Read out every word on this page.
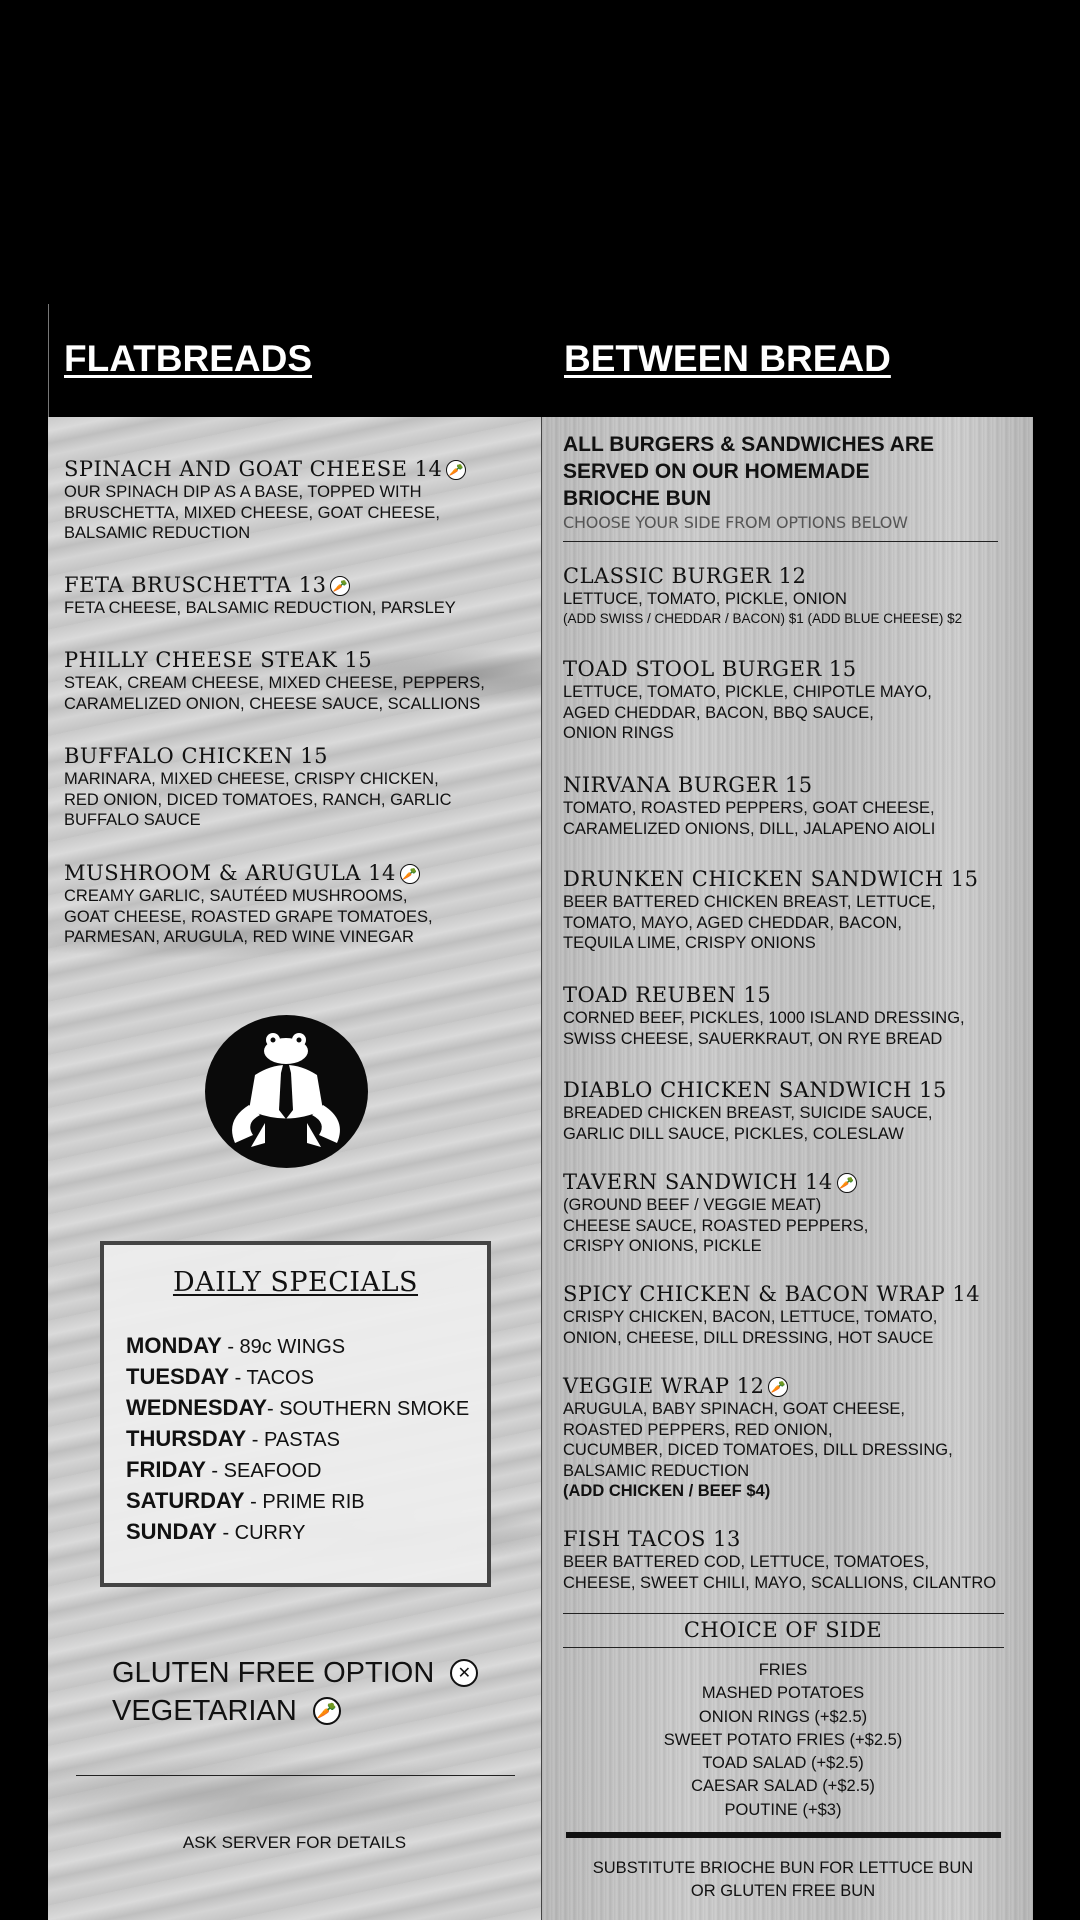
FLATBREADS	BETWEEN BREAD
SPINACH AND GOAT CHEESE 14 🥕
OUR SPINACH DIP AS A BASE, TOPPED WITH
BRUSCHETTA, MIXED CHEESE, GOAT CHEESE,
BALSAMIC REDUCTION
FETA BRUSCHETTA 13 🥕
FETA CHEESE, BALSAMIC REDUCTION, PARSLEY
PHILLY CHEESE STEAK 15
STEAK, CREAM CHEESE, MIXED CHEESE, PEPPERS,
CARAMELIZED ONION, CHEESE SAUCE, SCALLIONS
BUFFALO CHICKEN 15
MARINARA, MIXED CHEESE, CRISPY CHICKEN,
RED ONION, DICED TOMATOES, RANCH, GARLIC
BUFFALO SAUCE
MUSHROOM & ARUGULA 14 🥕
CREAMY GARLIC, SAUTÉED MUSHROOMS,
GOAT CHEESE, ROASTED GRAPE TOMATOES,
PARMESAN, ARUGULA, RED WINE VINEGAR
DAILY SPECIALS
MONDAY - 89c WINGS
TUESDAY - TACOS
WEDNESDAY- SOUTHERN SMOKE
THURSDAY - PASTAS
FRIDAY - SEAFOOD
SATURDAY - PRIME RIB
SUNDAY - CURRY
GLUTEN FREE OPTION ✕
VEGETARIAN 🥕
ASK SERVER FOR DETAILS
ALL BURGERS & SANDWICHES ARE
SERVED ON OUR HOMEMADE
BRIOCHE BUN
CHOOSE YOUR SIDE FROM OPTIONS BELOW
CLASSIC BURGER 12
LETTUCE, TOMATO, PICKLE, ONION
(ADD SWISS / CHEDDAR / BACON) $1 (ADD BLUE CHEESE) $2
TOAD STOOL BURGER 15
LETTUCE, TOMATO, PICKLE, CHIPOTLE MAYO,
AGED CHEDDAR, BACON, BBQ SAUCE,
ONION RINGS
NIRVANA BURGER 15
TOMATO, ROASTED PEPPERS, GOAT CHEESE,
CARAMELIZED ONIONS, DILL, JALAPENO AIOLI
DRUNKEN CHICKEN SANDWICH 15
BEER BATTERED CHICKEN BREAST, LETTUCE,
TOMATO, MAYO, AGED CHEDDAR, BACON,
TEQUILA LIME, CRISPY ONIONS
TOAD REUBEN 15
CORNED BEEF, PICKLES, 1000 ISLAND DRESSING,
SWISS CHEESE, SAUERKRAUT, ON RYE BREAD
DIABLO CHICKEN SANDWICH 15
BREADED CHICKEN BREAST, SUICIDE SAUCE,
GARLIC DILL SAUCE, PICKLES, COLESLAW
TAVERN SANDWICH 14 🥕
(GROUND BEEF / VEGGIE MEAT)
CHEESE SAUCE, ROASTED PEPPERS,
CRISPY ONIONS, PICKLE
SPICY CHICKEN & BACON WRAP 14
CRISPY CHICKEN, BACON, LETTUCE, TOMATO,
ONION, CHEESE, DILL DRESSING, HOT SAUCE
VEGGIE WRAP 12 🥕
ARUGULA, BABY SPINACH, GOAT CHEESE,
ROASTED PEPPERS, RED ONION,
CUCUMBER, DICED TOMATOES, DILL DRESSING,
BALSAMIC REDUCTION
(ADD CHICKEN / BEEF $4)
FISH TACOS 13
BEER BATTERED COD, LETTUCE, TOMATOES,
CHEESE, SWEET CHILI, MAYO, SCALLIONS, CILANTRO
CHOICE OF SIDE
FRIES
MASHED POTATOES
ONION RINGS (+$2.5)
SWEET POTATO FRIES (+$2.5)
TOAD SALAD (+$2.5)
CAESAR SALAD (+$2.5)
POUTINE (+$3)
SUBSTITUTE BRIOCHE BUN FOR LETTUCE BUN
OR GLUTEN FREE BUN
